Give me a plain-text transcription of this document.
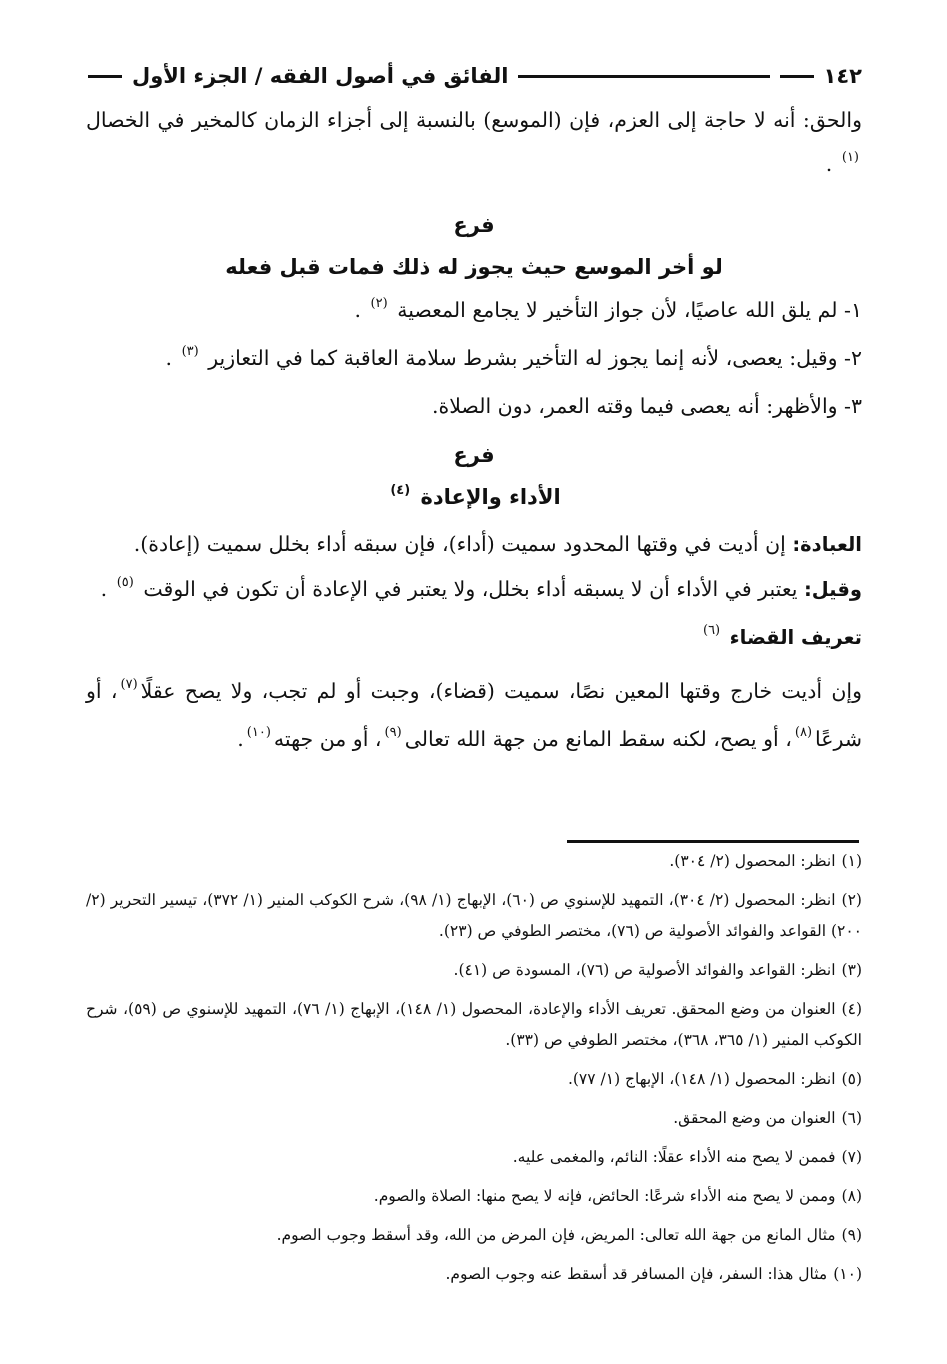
١٤٢
الفائق في أصول الفقه / الجزء الأول

والحق: أنه لا حاجة إلى العزم، فإن (الموسع) بالنسبة إلى أجزاء الزمان كالمخير في الخصال $^{(١)}$ .

فرع
لو أخر الموسع حيث يجوز له ذلك فمات قبل فعله

١- لم يلق الله عاصيًا، لأن جواز التأخير لا يجامع المعصية $^{(٢)}$ .

٢- وقيل: يعصى، لأنه إنما يجوز له التأخير بشرط سلامة العاقبة كما في التعازير $^{(٣)}$ .

٣- والأظهر: أنه يعصى فيما وقته العمر، دون الصلاة.

فرع
الأداء والإعادة $^{(٤)}$

العبادة: إن أديت في وقتها المحدود سميت (أداء)، فإن سبقه أداء بخلل سميت (إعادة).

وقيل: يعتبر في الأداء أن لا يسبقه أداء بخلل، ولا يعتبر في الإعادة أن تكون في الوقت $^{(٥)}$ .

تعريف القضاء $^{(٦)}$

وإن أديت خارج وقتها المعين نصًا، سميت (قضاء)، وجبت أو لم تجب، ولا يصح عقلًا$^{(٧)}$، أو شرعًا$^{(٨)}$، أو يصح، لكنه سقط المانع من جهة الله تعالى$^{(٩)}$، أو من جهته$^{(١٠)}$.

(١)انظر: المحصول (٢/ ٣٠٤).

(٢)انظر: المحصول (٢/ ٣٠٤)، التمهيد للإسنوي ص (٦٠)، الإبهاج (١/ ٩٨)، شرح الكوكب المنير (١/ ٣٧٢)، تيسير التحرير (٢/ ٢٠٠) القواعد والفوائد الأصولية ص (٧٦)، مختصر الطوفي ص (٢٣).

(٣)انظر: القواعد والفوائد الأصولية ص (٧٦)، المسودة ص (٤١).

(٤)العنوان من وضع المحقق. تعريف الأداء والإعادة، المحصول (١/ ١٤٨)، الإبهاج (١/ ٧٦)، التمهيد للإسنوي ص (٥٩)، شرح الكوكب المنير (١/ ٣٦٥، ٣٦٨)، مختصر الطوفي ص (٣٣).

(٥)انظر: المحصول (١/ ١٤٨)، الإبهاج (١/ ٧٧).

(٦)العنوان من وضع المحقق.

(٧)فممن لا يصح منه الأداء عقلًا: النائم، والمغمى عليه.

(٨)وممن لا يصح منه الأداء شرعًا: الحائض، فإنه لا يصح منها: الصلاة والصوم.

(٩)مثال المانع من جهة الله تعالى: المريض، فإن المرض من الله، وقد أسقط وجوب الصوم.

(١٠)مثال هذا: السفر، فإن المسافر قد أسقط عنه وجوب الصوم.
